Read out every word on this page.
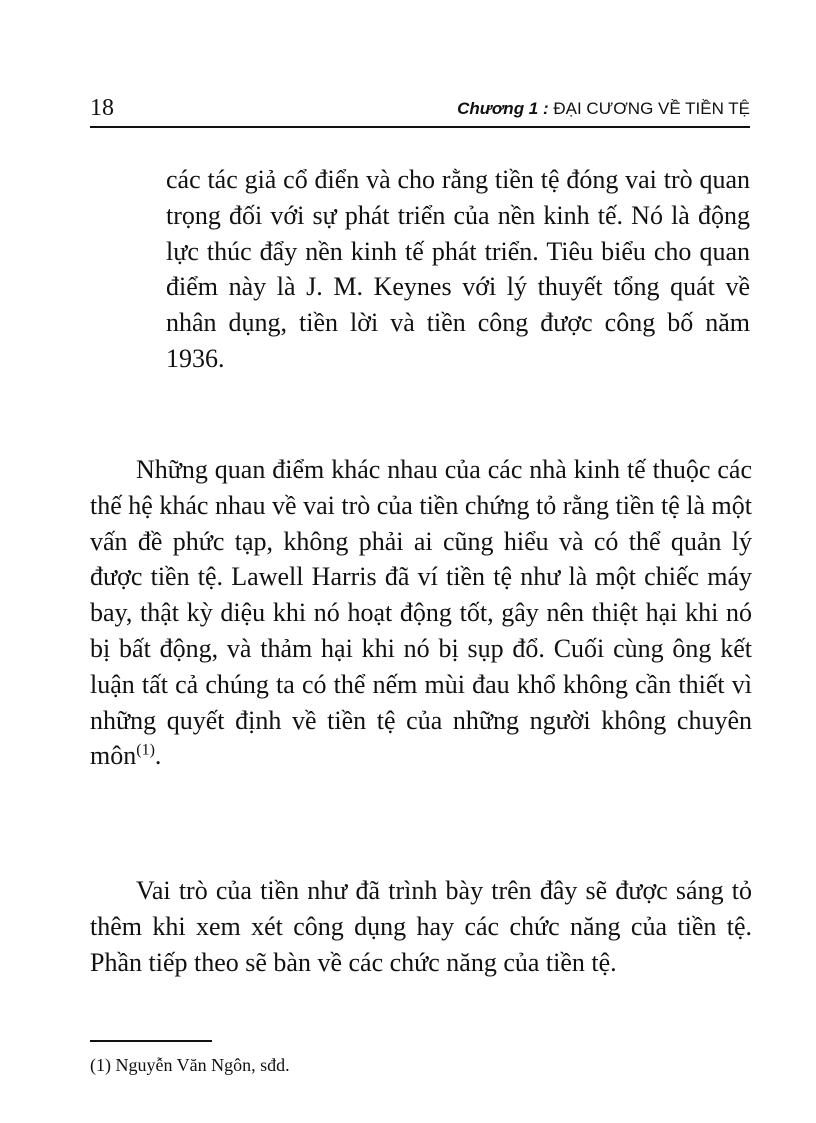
18	Chương 1 : ĐẠI CƯƠNG VỀ TIỀN TỆ

các tác giả cổ điển và cho rằng tiền tệ đóng vai trò quan trọng đối với sự phát triển của nền kinh tế. Nó là động lực thúc đẩy nền kinh tế phát triển. Tiêu biểu cho quan điểm này là J. M. Keynes với lý thuyết tổng quát về nhân dụng, tiền lời và tiền công được công bố năm 1936.

Những quan điểm khác nhau của các nhà kinh tế thuộc các thế hệ khác nhau về vai trò của tiền chứng tỏ rằng tiền tệ là một vấn đề phức tạp, không phải ai cũng hiểu và có thể quản lý được tiền tệ. Lawell Harris đã ví tiền tệ như là một chiếc máy bay, thật kỳ diệu khi nó hoạt động tốt, gây nên thiệt hại khi nó bị bất động, và thảm hại khi nó bị sụp đổ. Cuối cùng ông kết luận tất cả chúng ta có thể nếm mùi đau khổ không cần thiết vì những quyết định về tiền tệ của những người không chuyên môn$^{(1)}$.

Vai trò của tiền như đã trình bày trên đây sẽ được sáng tỏ thêm khi xem xét công dụng hay các chức năng của tiền tệ. Phần tiếp theo sẽ bàn về các chức năng của tiền tệ.

(1) Nguyễn Văn Ngôn, sđd.
